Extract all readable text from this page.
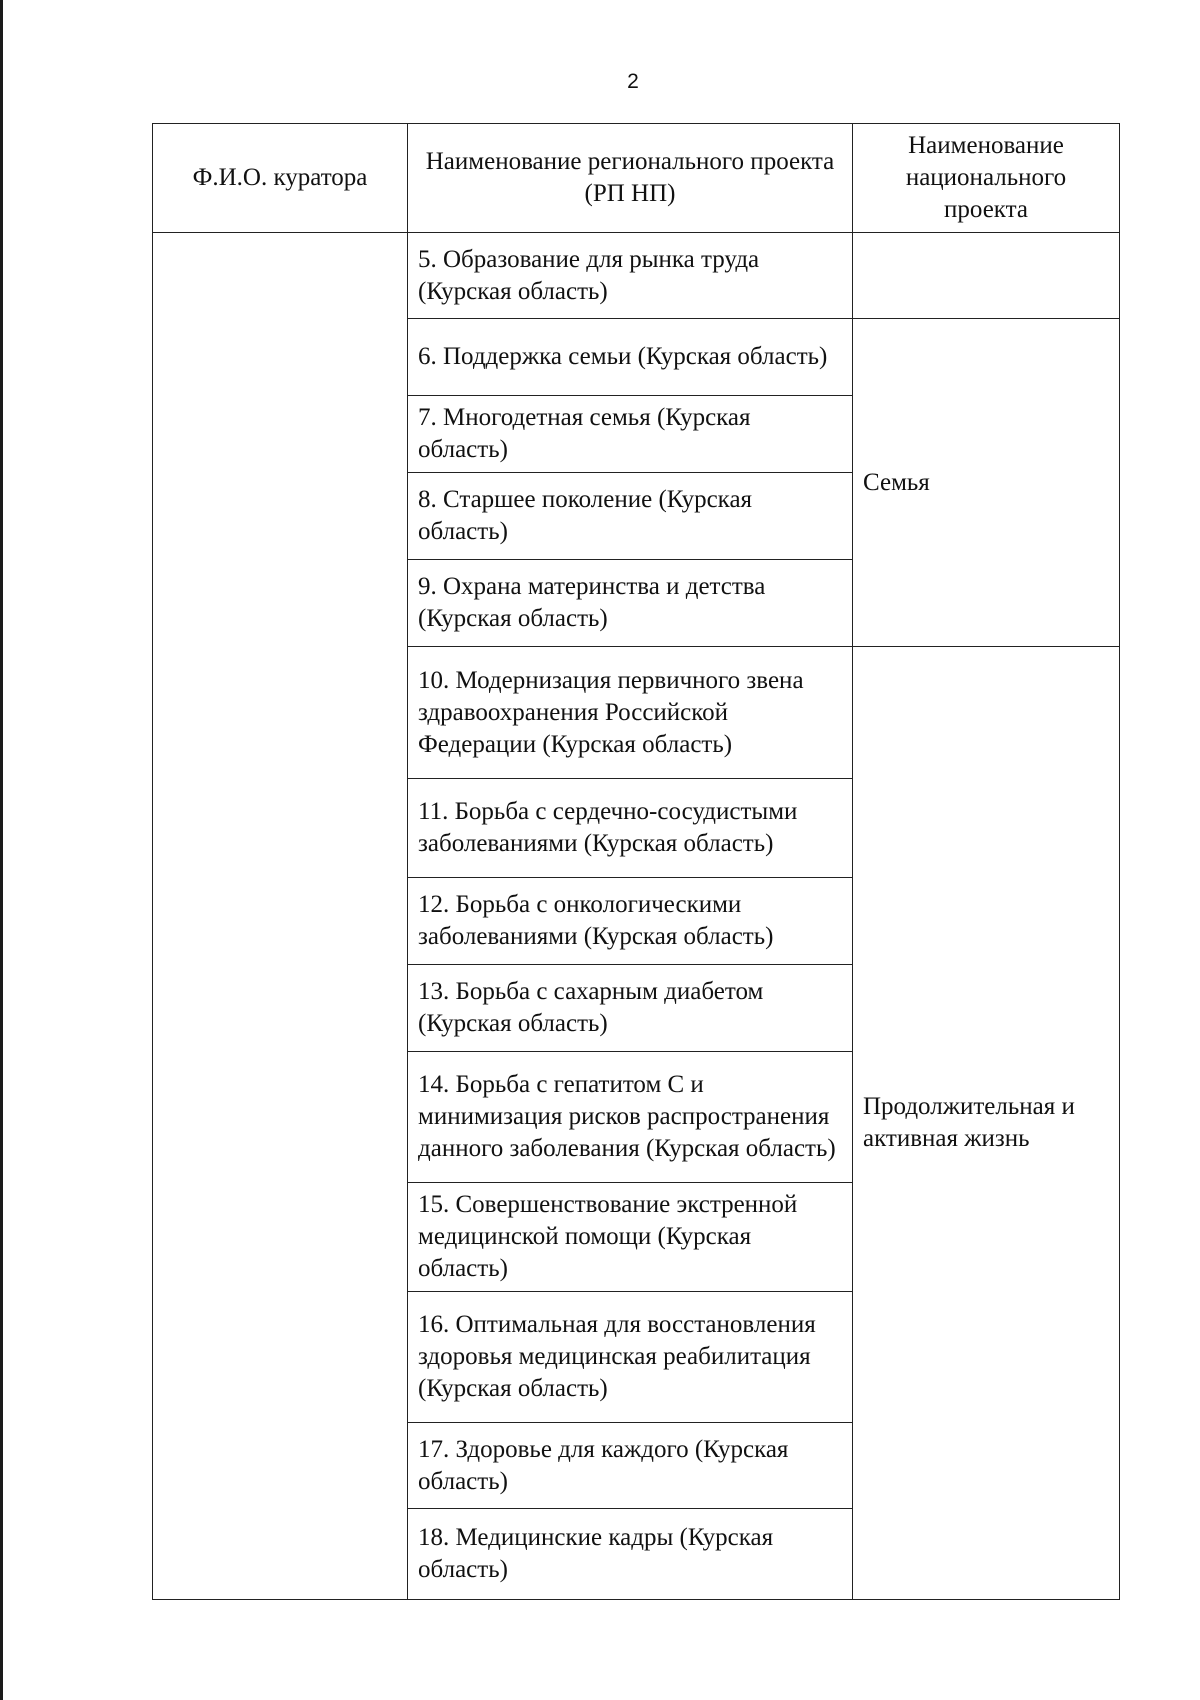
2
Ф.И.О. куратора	Наименование регионального проекта (РП НП)	Наименование национального проекта
	5. Образование для рынка труда (Курская область)	
	6. Поддержка семьи (Курская область)	Семья
	7. Многодетная семья (Курская область)	
	8. Старшее поколение (Курская область)	
	9. Охрана материнства и детства (Курская область)	
	10. Модернизация первичного звена здравоохранения Российской Федерации (Курская область)	Продолжительная и активная жизнь
	11. Борьба с сердечно-сосудистыми заболеваниями (Курская область)	
	12. Борьба с онкологическими заболеваниями (Курская область)	
	13. Борьба с сахарным диабетом (Курская область)	
	14. Борьба с гепатитом С и минимизация рисков распространения данного заболевания (Курская область)	
	15. Совершенствование экстренной медицинской помощи (Курская область)	
	16. Оптимальная для восстановления здоровья медицинская реабилитация (Курская область)	
	17. Здоровье для каждого (Курская область)	
	18. Медицинские кадры (Курская область)	
